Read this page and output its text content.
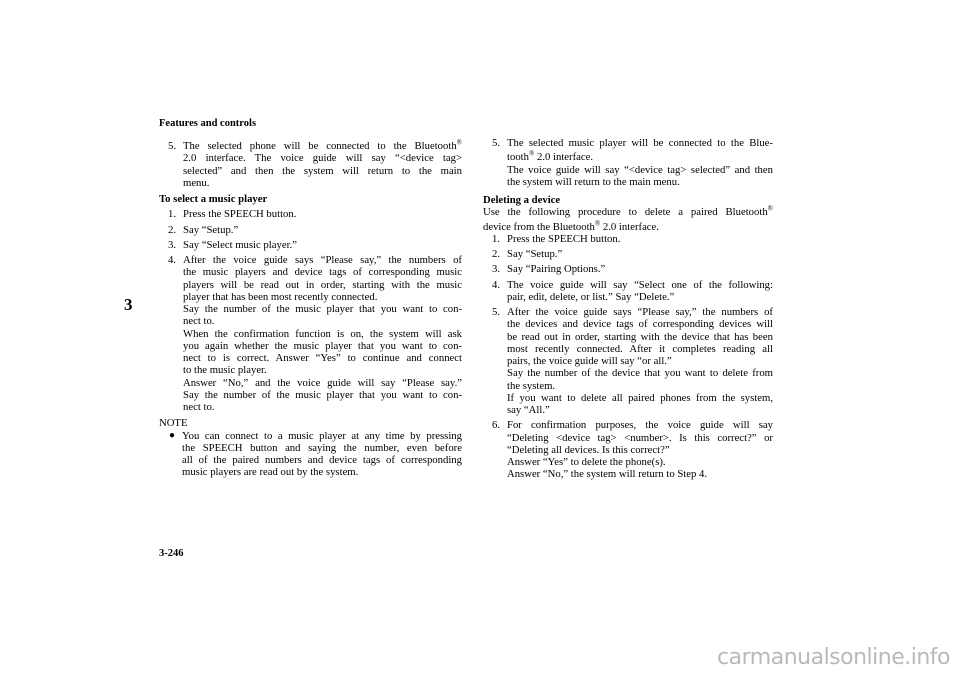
Features and controls
3
5. The selected phone will be connected to the Bluetooth®
2.0 interface. The voice guide will say “<device tag>
selected” and then the system will return to the main
menu.
To select a music player
1. Press the SPEECH button.
2. Say “Setup.”
3. Say “Select music player.”
4. After the voice guide says “Please say,” the numbers of
the music players and device tags of corresponding music
players will be read out in order, starting with the music
player that has been most recently connected.
Say the number of the music player that you want to con-
nect to.
When the confirmation function is on, the system will ask
you again whether the music player that you want to con-
nect to is correct. Answer “Yes” to continue and connect
to the music player.
Answer “No,” and the voice guide will say “Please say.”
Say the number of the music player that you want to con-
nect to.
NOTE
● You can connect to a music player at any time by pressing
the SPEECH button and saying the number, even before
all of the paired numbers and device tags of corresponding
music players are read out by the system.
5. The selected music player will be connected to the Blue-
tooth® 2.0 interface.
The voice guide will say “<device tag> selected” and then
the system will return to the main menu.
Deleting a device
Use the following procedure to delete a paired Bluetooth®
device from the Bluetooth® 2.0 interface.
1. Press the SPEECH button.
2. Say “Setup.”
3. Say “Pairing Options.”
4. The voice guide will say “Select one of the following:
pair, edit, delete, or list.” Say “Delete.”
5. After the voice guide says “Please say,” the numbers of
the devices and device tags of corresponding devices will
be read out in order, starting with the device that has been
most recently connected. After it completes reading all
pairs, the voice guide will say “or all.”
Say the number of the device that you want to delete from
the system.
If you want to delete all paired phones from the system,
say “All.”
6. For confirmation purposes, the voice guide will say
“Deleting <device tag> <number>. Is this correct?” or
“Deleting all devices. Is this correct?”
Answer “Yes” to delete the phone(s).
Answer “No,” the system will return to Step 4.
3-246
carmanualsonline.info
